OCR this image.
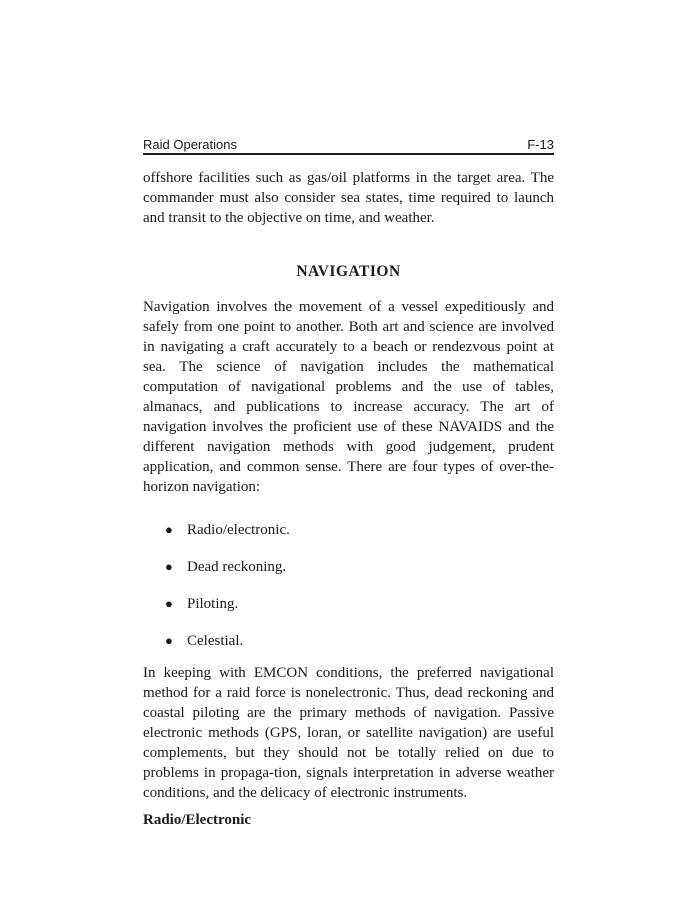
Raid Operations	F-13

offshore facilities such as gas/oil platforms in the target area. The commander must also consider sea states, time required to launch and transit to the objective on time, and weather.

NAVIGATION

Navigation involves the movement of a vessel expeditiously and safely from one point to another. Both art and science are involved in navigating a craft accurately to a beach or rendezvous point at sea. The science of navigation includes the mathematical computation of navigational problems and the use of tables, almanacs, and publications to increase accuracy. The art of navigation involves the proficient use of these NAVAIDS and the different navigation methods with good judgement, prudent application, and common sense. There are four types of over-the-horizon navigation:

● Radio/electronic.
● Dead reckoning.
● Piloting.
● Celestial.

In keeping with EMCON conditions, the preferred navigational method for a raid force is nonelectronic. Thus, dead reckoning and coastal piloting are the primary methods of navigation. Passive electronic methods (GPS, loran, or satellite navigation) are useful complements, but they should not be totally relied on due to problems in propaga-tion, signals interpretation in adverse weather conditions, and the delicacy of electronic instruments.

Radio/Electronic
